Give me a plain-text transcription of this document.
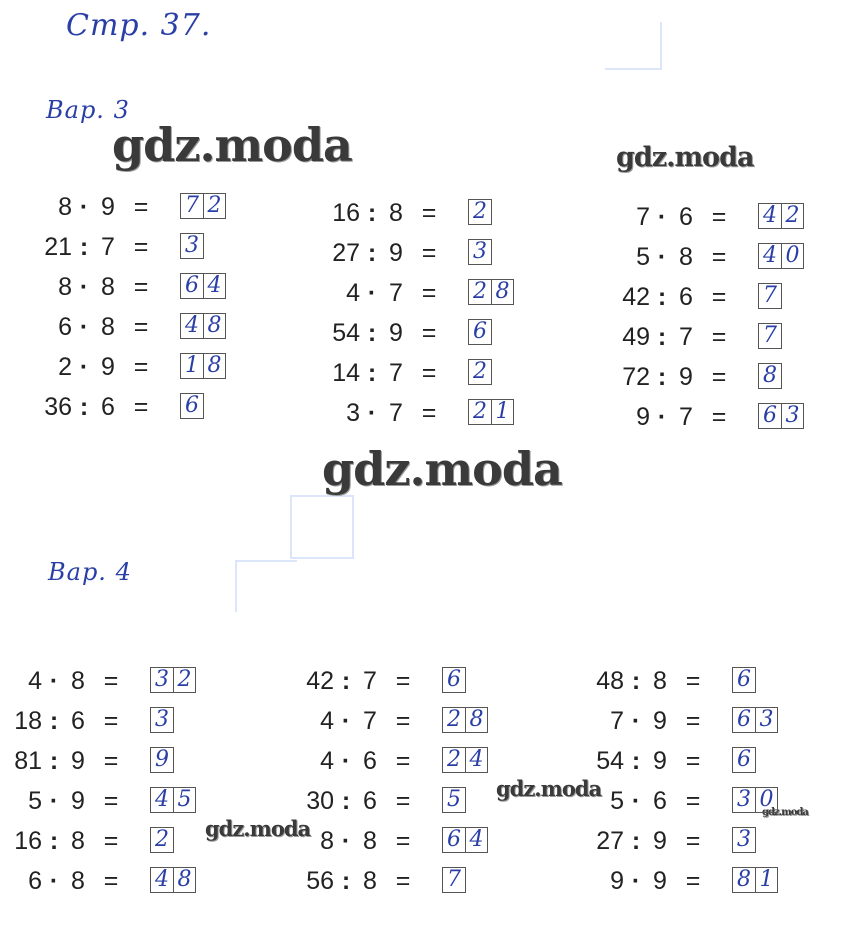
Стр. 37.
Вар. 3
Вар. 4
gdz.moda	gdz.moda
gdz.moda
gdz.moda
gdz.moda
gdz.moda
8 · 9 =	7 2
21 : 7 =	3
8 · 8 =	6 4
6 · 8 =	4 8
2 · 9 =	1 8
36 : 6 =	6
16 : 8 =	2
27 : 9 =	3
4 · 7 =	2 8
54 : 9 =	6
14 : 7 =	2
3 · 7 =	2 1
7 · 6 =	4 2
5 · 8 =	4 0
42 : 6 =	7
49 : 7 =	7
72 : 9 =	8
9 · 7 =	6 3
4 · 8 =	3 2
18 : 6 =	3
81 : 9 =	9
5 · 9 =	4 5
16 : 8 =	2
6 · 8 =	4 8
42 : 7 =	6
4 · 7 =	2 8
4 · 6 =	2 4
30 : 6 =	5
8 · 8 =	6 4
56 : 8 =	7
48 : 8 =	6
7 · 9 =	6 3
54 : 9 =	6
5 · 6 =	3 0
27 : 9 =	3
9 · 9 =	8 1
